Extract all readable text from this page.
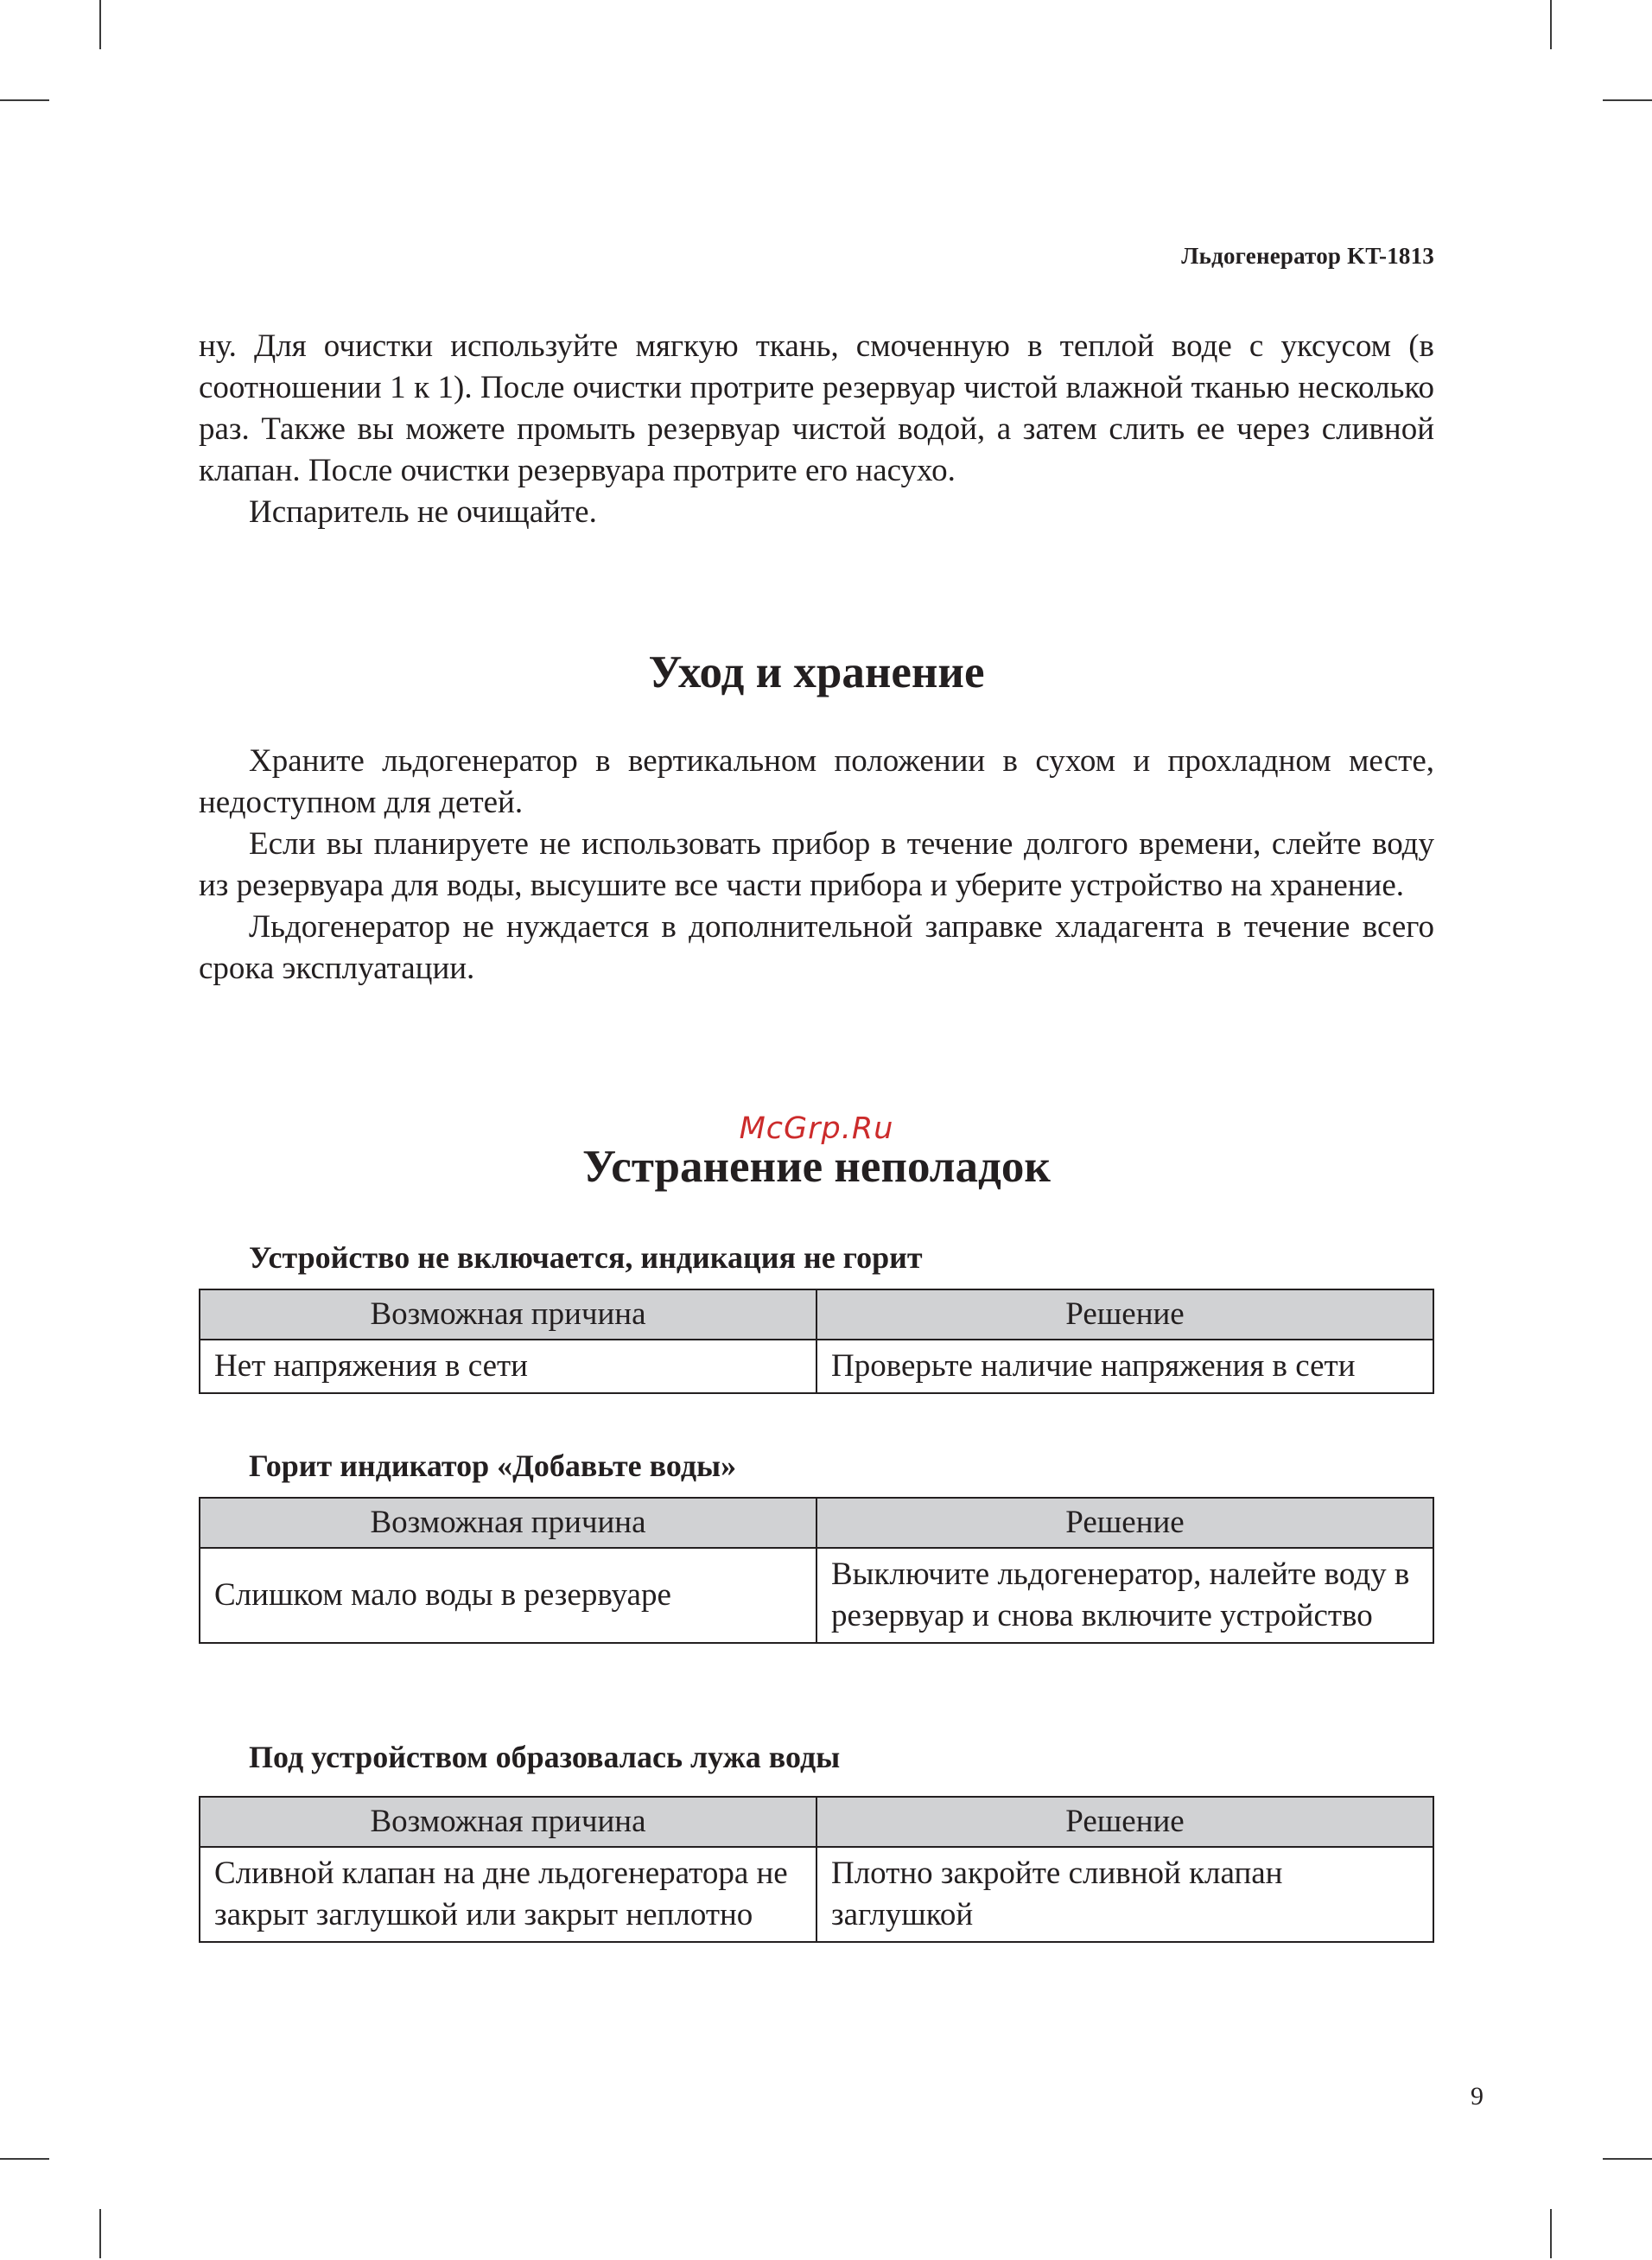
Льдогенератор KT-1813

ну. Для очистки используйте мягкую ткань, смоченную в теплой воде с уксусом (в соотношении 1 к 1). После очистки протрите резервуар чистой влажной тканью несколько раз. Также вы можете промыть резервуар чистой водой, а затем слить ее через сливной клапан. После очистки резервуара протрите его насухо.

Испаритель не очищайте.

Уход и хранение

Храните льдогенератор в вертикальном положении в сухом и прохладном месте, недоступном для детей.

Если вы планируете не использовать прибор в течение долгого времени, слейте воду из резервуара для воды, высушите все части прибора и уберите устройство на хранение.

Льдогенератор не нуждается в дополнительной заправке хладагента в течение всего срока эксплуатации.

McGrp.Ru
Устранение неполадок
Устройство не включается, индикация не горит
Возможная причина	Решение
Нет напряжения в сети	Проверьте наличие напряжения в сети
Горит индикатор «Добавьте воды»
Возможная причина	Решение
Слишком мало воды в резервуаре	Выключите льдогенератор, налейте воду в резервуар и снова включите устройство
Под устройством образовалась лужа воды
Возможная причина	Решение
Сливной клапан на дне льдогенератора не закрыт заглушкой или закрыт неплотно	Плотно закройте сливной клапан заглушкой
9
